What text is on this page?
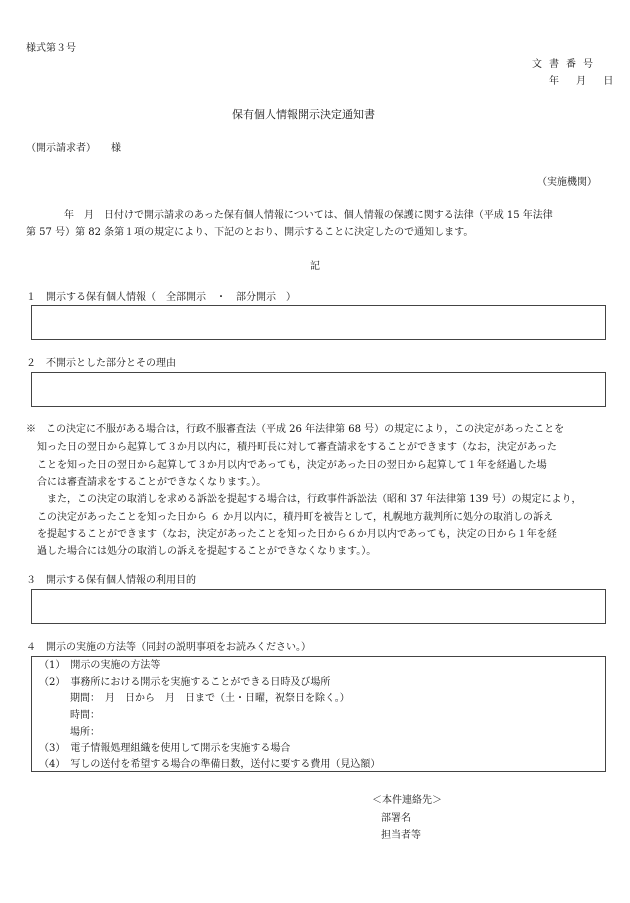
様式第３号
文書番号
年 月 日
保有個人情報開示決定通知書
（開示請求者）　　様
（実施機関）
年　月　日付けで開示請求のあった保有個人情報については、個人情報の保護に関する法律（平成 15 年法律
第 57 号）第 82 条第１項の規定により、下記のとおり、開示することに決定したので通知します。
記
１　開示する保有個人情報（　全部開示　・　部分開示　）
２　不開示とした部分とその理由
※　この決定に不服がある場合は，行政不服審査法（平成 26 年法律第 68 号）の規定により，この決定があったことを
知った日の翌日から起算して３か月以内に，積丹町長に対して審査請求をすることができます（なお，決定があった
ことを知った日の翌日から起算して３か月以内であっても，決定があった日の翌日から起算して１年を経過した場
合には審査請求をすることができなくなります。）。
また，この決定の取消しを求める訴訟を提起する場合は，行政事件訴訟法（昭和 37 年法律第 139 号）の規定により，
この決定があったことを知った日から ６ か月以内に，積丹町を被告として，札幌地方裁判所に処分の取消しの訴え
を提起することができます（なお，決定があったことを知った日から６か月以内であっても，決定の日から１年を経
過した場合には処分の取消しの訴えを提起することができなくなります。）。
３　開示する保有個人情報の利用目的
４　開示の実施の方法等（同封の説明事項をお読みください。）
（1）　開示の実施の方法等
（2）　事務所における開示を実施することができる日時及び場所
期間：　月　日から　月　日まで（土・日曜，祝祭日を除く。）
時間：
場所：
（3）　電子情報処理組織を使用して開示を実施する場合
（4）　写しの送付を希望する場合の準備日数，送付に要する費用（見込額）
＜本件連絡先＞
部署名
担当者等
